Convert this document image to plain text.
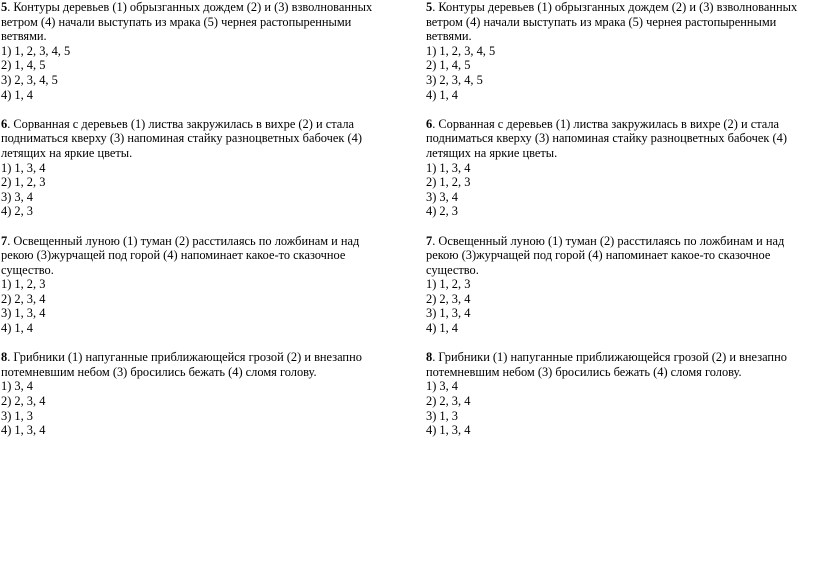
5. Контуры деревьев (1) обрызганных дождем (2) и (3) взволнованных
ветром (4) начали выступать из мрака (5) чернея растопыренными
ветвями.
1) 1, 2, 3, 4, 5
2) 1, 4, 5
3) 2, 3, 4, 5
4) 1, 4
6. Сорванная с деревьев (1) листва закружилась в вихре (2) и стала
подниматься кверху (3) напоминая стайку разноцветных бабочек (4)
летящих на яркие цветы.
1) 1, 3, 4
2) 1, 2, 3
3) 3, 4
4) 2, 3
7. Освещенный луною (1) туман (2) расстилаясь по ложбинам и над
рекою (3)журчащей под горой (4) напоминает какое-то сказочное
существо.
1) 1, 2, 3
2) 2, 3, 4
3) 1, 3, 4
4) 1, 4
8. Грибники (1) напуганные приближающейся грозой (2) и внезапно
потемневшим небом (3) бросились бежать (4) сломя голову.
1) 3, 4
2) 2, 3, 4
3) 1, 3
4) 1, 3, 4
5. Контуры деревьев (1) обрызганных дождем (2) и (3) взволнованных
ветром (4) начали выступать из мрака (5) чернея растопыренными
ветвями.
1) 1, 2, 3, 4, 5
2) 1, 4, 5
3) 2, 3, 4, 5
4) 1, 4
6. Сорванная с деревьев (1) листва закружилась в вихре (2) и стала
подниматься кверху (3) напоминая стайку разноцветных бабочек (4)
летящих на яркие цветы.
1) 1, 3, 4
2) 1, 2, 3
3) 3, 4
4) 2, 3
7. Освещенный луною (1) туман (2) расстилаясь по ложбинам и над
рекою (3)журчащей под горой (4) напоминает какое-то сказочное
существо.
1) 1, 2, 3
2) 2, 3, 4
3) 1, 3, 4
4) 1, 4
8. Грибники (1) напуганные приближающейся грозой (2) и внезапно
потемневшим небом (3) бросились бежать (4) сломя голову.
1) 3, 4
2) 2, 3, 4
3) 1, 3
4) 1, 3, 4
